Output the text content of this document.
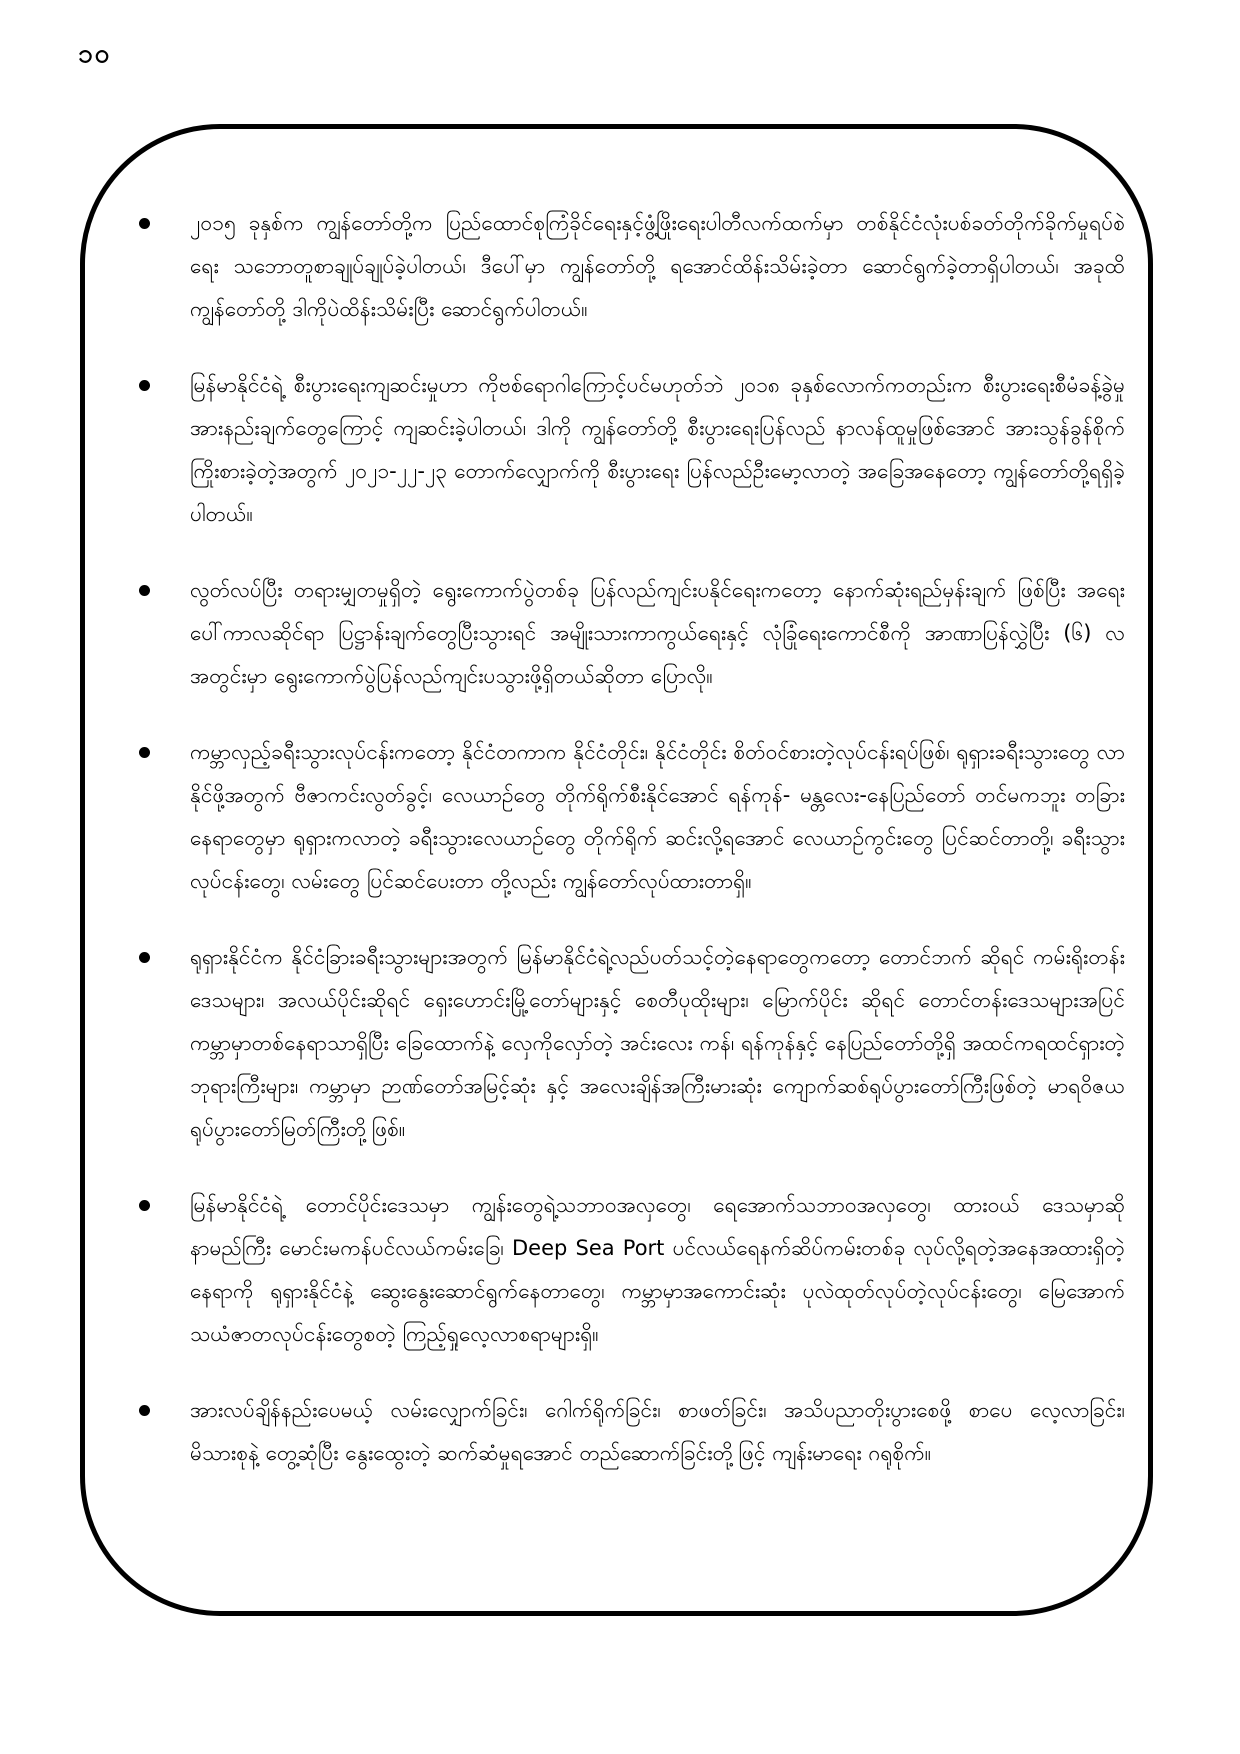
၁၀
၂၀၁၅ ခုနှစ်က ကျွန်တော်တို့က ပြည်ထောင်စုကြံခိုင်ရေးနှင့်ဖွံ့ဖြိုးရေးပါတီလက်ထက်မှာ တစ်နိုင်ငံလုံးပစ်ခတ်တိုက်ခိုက်မှုရပ်စဲရေး သဘောတူစာချုပ်ချုပ်ခဲ့ပါတယ်၊ ဒီပေါ်မှာ ကျွန်တော်တို့ ရအောင်ထိန်းသိမ်းခဲ့တာ ဆောင်ရွက်ခဲ့တာရှိပါတယ်၊ အခုထိ ကျွန်တော်တို့ ဒါကိုပဲထိန်းသိမ်းပြီး ဆောင်ရွက်ပါတယ်။
မြန်မာနိုင်ငံရဲ့ စီးပွားရေးကျဆင်းမှုဟာ ကိုဗစ်ရောဂါကြောင့်ပင်မဟုတ်ဘဲ ၂၀၁၈ ခုနှစ်လောက်ကတည်းက စီးပွားရေးစီမံခန့်ခွဲမှု အားနည်းချက်တွေကြောင့် ကျဆင်းခဲ့ပါတယ်၊ ဒါကို ကျွန်တော်တို့ စီးပွားရေးပြန်လည် နာလန်ထူမှုဖြစ်အောင် အားသွန်ခွန်စိုက် ကြိုးစားခဲ့တဲ့အတွက် ၂၀၂၁-၂၂-၂၃ တောက်လျှောက်ကို စီးပွားရေး ပြန်လည်ဦးမော့လာတဲ့ အခြေအနေတော့ ကျွန်တော်တို့ရရှိခဲ့ပါတယ်။
လွတ်လပ်ပြီး တရားမျှတမှုရှိတဲ့ ရွေးကောက်ပွဲတစ်ခု ပြန်လည်ကျင်းပနိုင်ရေးကတော့ နောက်ဆုံးရည်မှန်းချက် ဖြစ်ပြီး အရေးပေါ်ကာလဆိုင်ရာ ပြဋ္ဌာန်းချက်တွေပြီးသွားရင် အမျိုးသားကာကွယ်ရေးနှင့် လုံခြုံရေးကောင်စီကို အာဏာပြန်လွှဲပြီး (၆) လအတွင်းမှာ ရွေးကောက်ပွဲပြန်လည်ကျင်းပသွားဖို့ရှိတယ်ဆိုတာ ပြောလို။
ကမ္ဘာလှည့်ခရီးသွားလုပ်ငန်းကတော့ နိုင်ငံတကာက နိုင်ငံတိုင်း၊ နိုင်ငံတိုင်း စိတ်ဝင်စားတဲ့လုပ်ငန်းရပ်ဖြစ်၊ ရုရှားခရီးသွားတွေ လာနိုင်ဖို့အတွက် ဗီဇာကင်းလွတ်ခွင့်၊ လေယာဉ်တွေ တိုက်ရိုက်စီးနိုင်အောင် ရန်ကုန်- မန္တလေး-နေပြည်တော် တင်မကဘူး တခြားနေရာတွေမှာ ရုရှားကလာတဲ့ ခရီးသွားလေယာဉ်တွေ တိုက်ရိုက် ဆင်းလို့ရအောင် လေယာဉ်ကွင်းတွေ ပြင်ဆင်တာတို့၊ ခရီးသွားလုပ်ငန်းတွေ၊ လမ်းတွေ ပြင်ဆင်ပေးတာ တို့လည်း ကျွန်တော်လုပ်ထားတာရှိ။
ရုရှားနိုင်ငံက နိုင်ငံခြားခရီးသွားများအတွက် မြန်မာနိုင်ငံရဲ့လည်ပတ်သင့်တဲ့နေရာတွေကတော့ တောင်ဘက် ဆိုရင် ကမ်းရိုးတန်းဒေသများ၊ အလယ်ပိုင်းဆိုရင် ရှေးဟောင်းမြို့တော်များနှင့် စေတီပုထိုးများ၊ မြောက်ပိုင်း ဆိုရင် တောင်တန်းဒေသများအပြင် ကမ္ဘာမှာတစ်နေရာသာရှိပြီး ခြေထောက်နဲ့ လှေကိုလှော်တဲ့ အင်းလေး ကန်၊ ရန်ကုန်နှင့် နေပြည်တော်တို့ရှိ အထင်ကရထင်ရှားတဲ့ ဘုရားကြီးများ၊ ကမ္ဘာမှာ ဉာဏ်တော်အမြင့်ဆုံး နှင့် အလေးချိန်အကြီးမားဆုံး ကျောက်ဆစ်ရုပ်ပွားတော်ကြီးဖြစ်တဲ့ မာရဝိဇယရုပ်ပွားတော်မြတ်ကြီးတို့ဖြစ်။
မြန်မာနိုင်ငံရဲ့ တောင်ပိုင်းဒေသမှာ ကျွန်းတွေရဲ့သဘာဝအလှတွေ၊ ရေအောက်သဘာဝအလှတွေ၊ ထားဝယ် ဒေသမှာဆို နာမည်ကြီး မောင်းမကန်ပင်လယ်ကမ်းခြေ၊ Deep Sea Port ပင်လယ်ရေနက်ဆိပ်ကမ်းတစ်ခု လုပ်လို့ရတဲ့အနေအထားရှိတဲ့နေရာကို ရုရှားနိုင်ငံနဲ့ ဆွေးနွေးဆောင်ရွက်နေတာတွေ၊ ကမ္ဘာမှာအကောင်းဆုံး ပုလဲထုတ်လုပ်တဲ့လုပ်ငန်းတွေ၊ မြေအောက်သယံဇာတလုပ်ငန်းတွေစတဲ့ ကြည့်ရှုလေ့လာစရာများရှိ။
အားလပ်ချိန်နည်းပေမယ့် လမ်းလျှောက်ခြင်း၊ ဂေါက်ရိုက်ခြင်း၊ စာဖတ်ခြင်း၊ အသိပညာတိုးပွားစေဖို့ စာပေ လေ့လာခြင်း၊ မိသားစုနဲ့ တွေ့ဆုံပြီး နွေးထွေးတဲ့ ဆက်ဆံမှုရအောင် တည်ဆောက်ခြင်းတို့ဖြင့် ကျန်းမာရေး ဂရုစိုက်။
